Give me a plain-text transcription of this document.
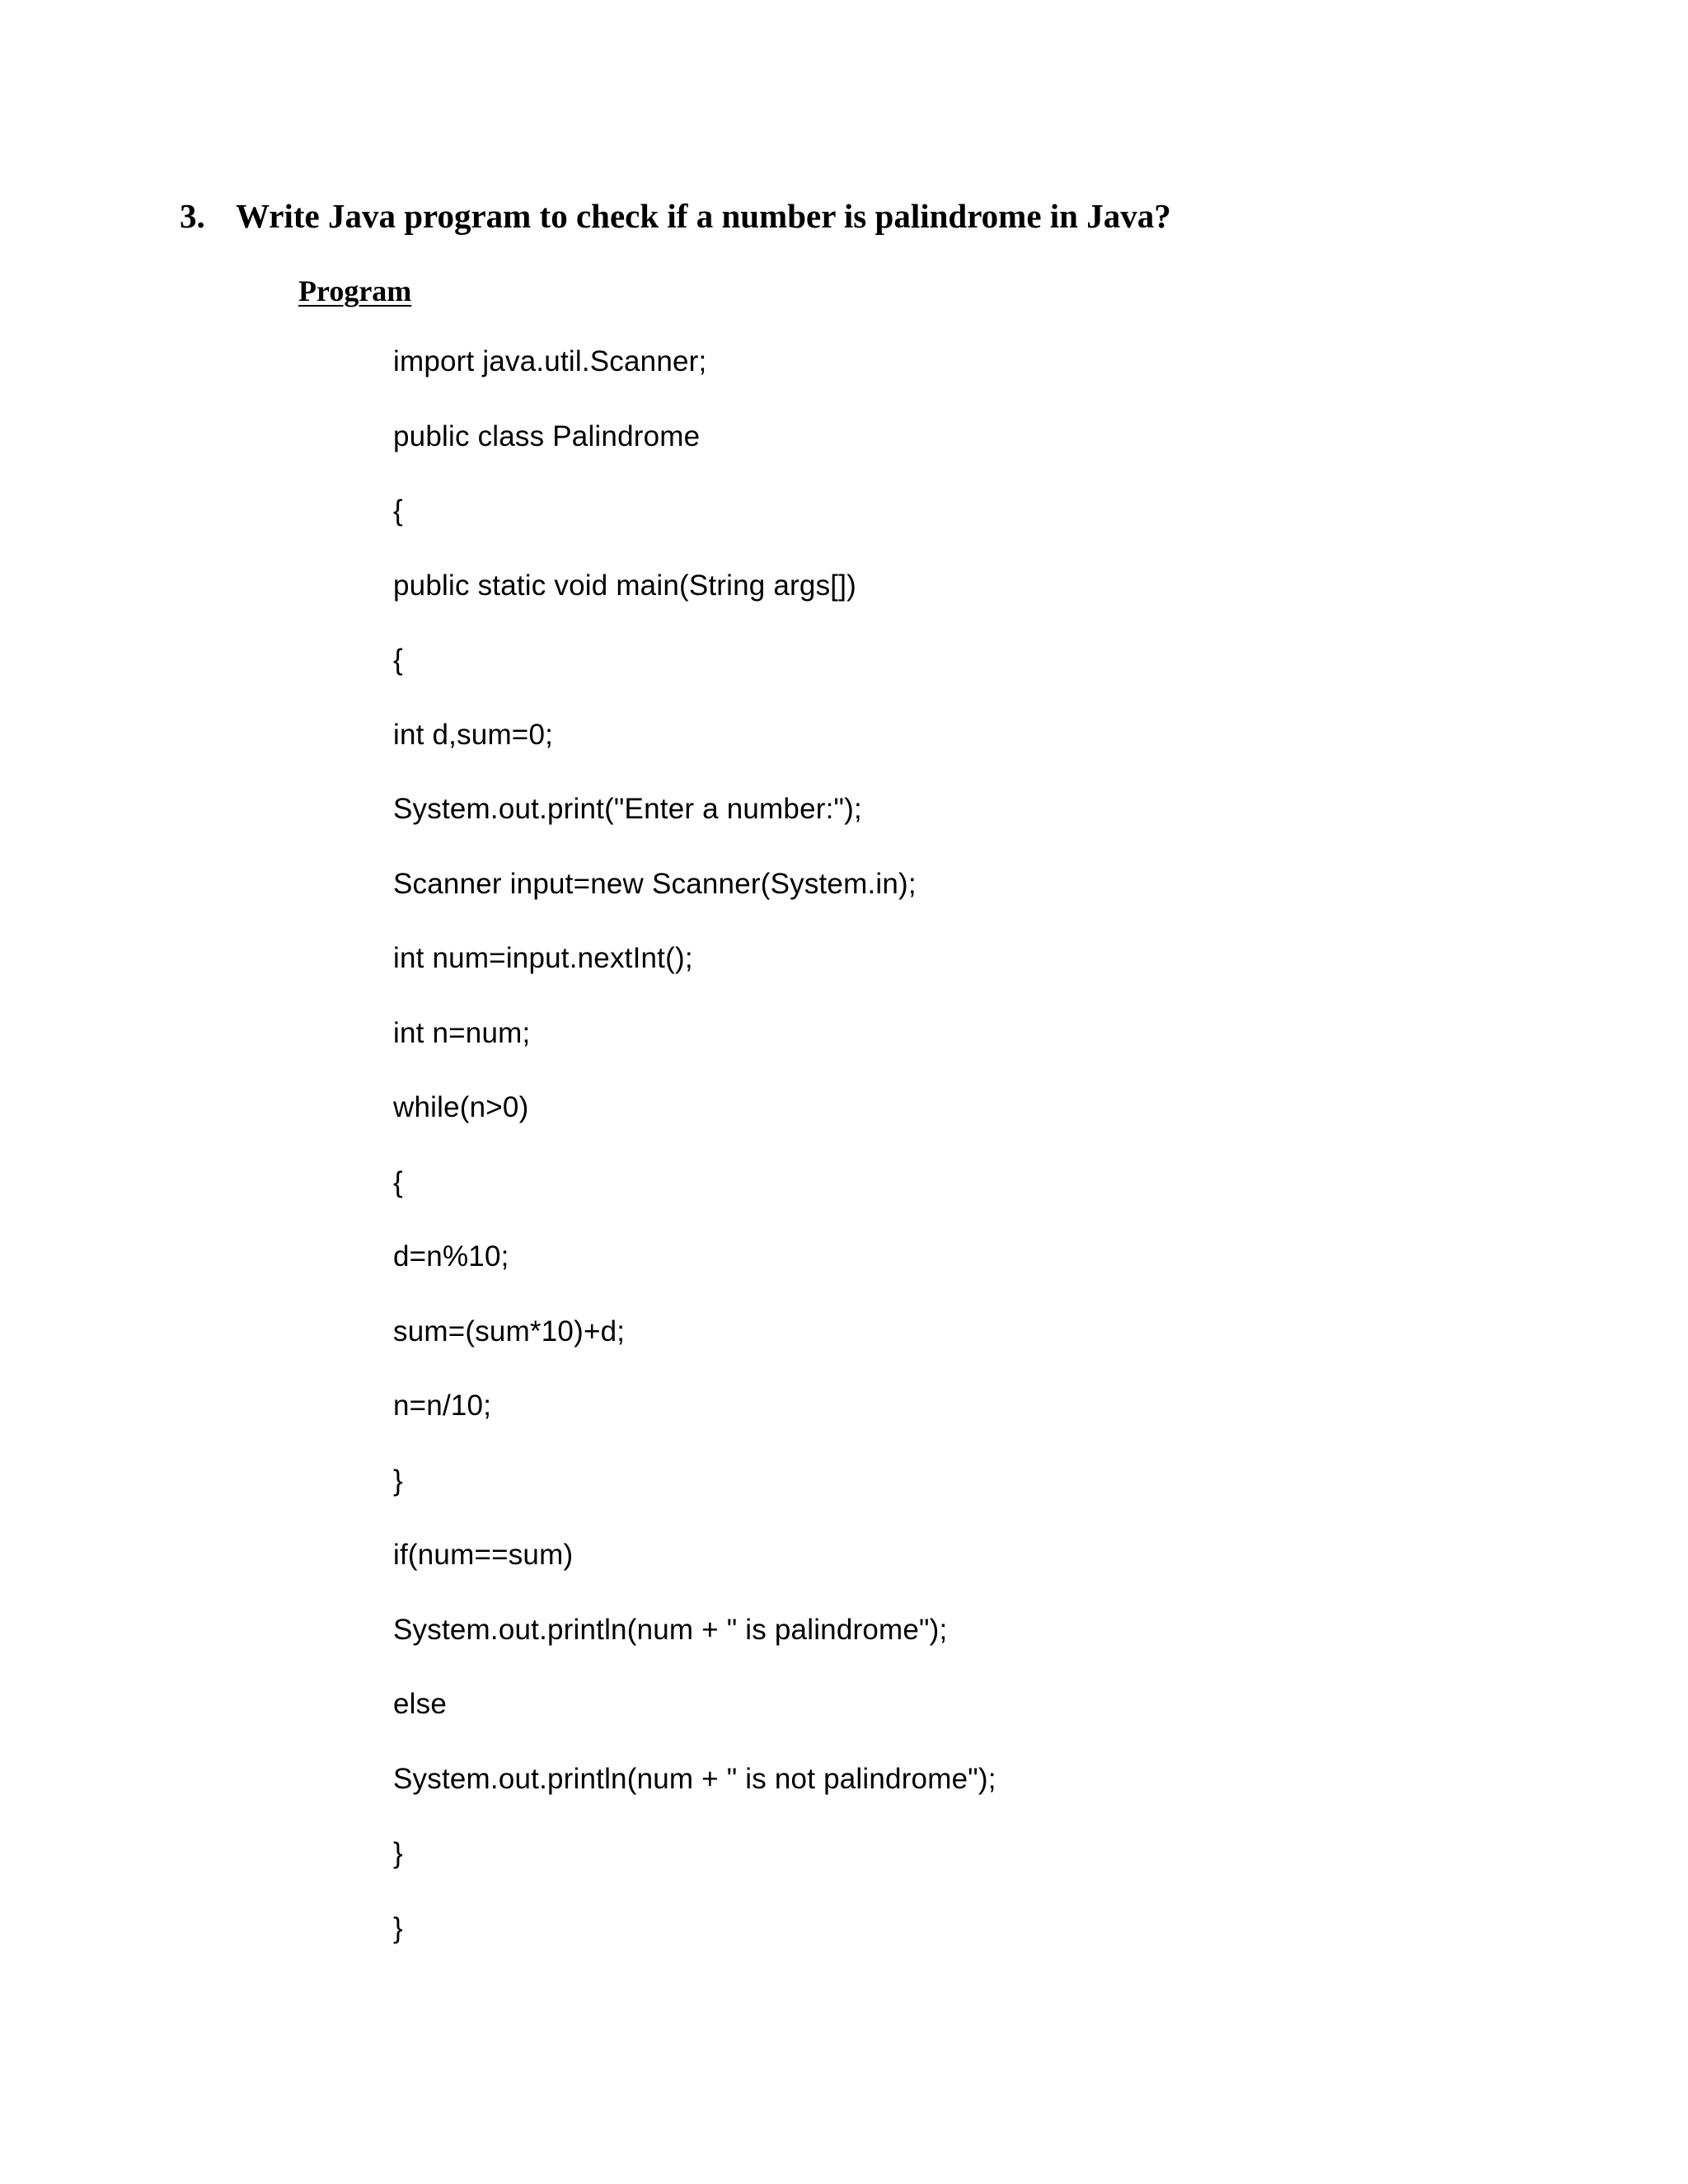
3. Write Java program to check if a number is palindrome in Java?
Program
import java.util.Scanner;
public class Palindrome
{
public static void main(String args[])
{
int d,sum=0;
System.out.print("Enter a number:");
Scanner input=new Scanner(System.in);
int num=input.nextInt();
int n=num;
while(n>0)
{
d=n%10;
sum=(sum*10)+d;
n=n/10;
}
if(num==sum)
System.out.println(num + " is palindrome");
else
System.out.println(num + " is not palindrome");
}
}
